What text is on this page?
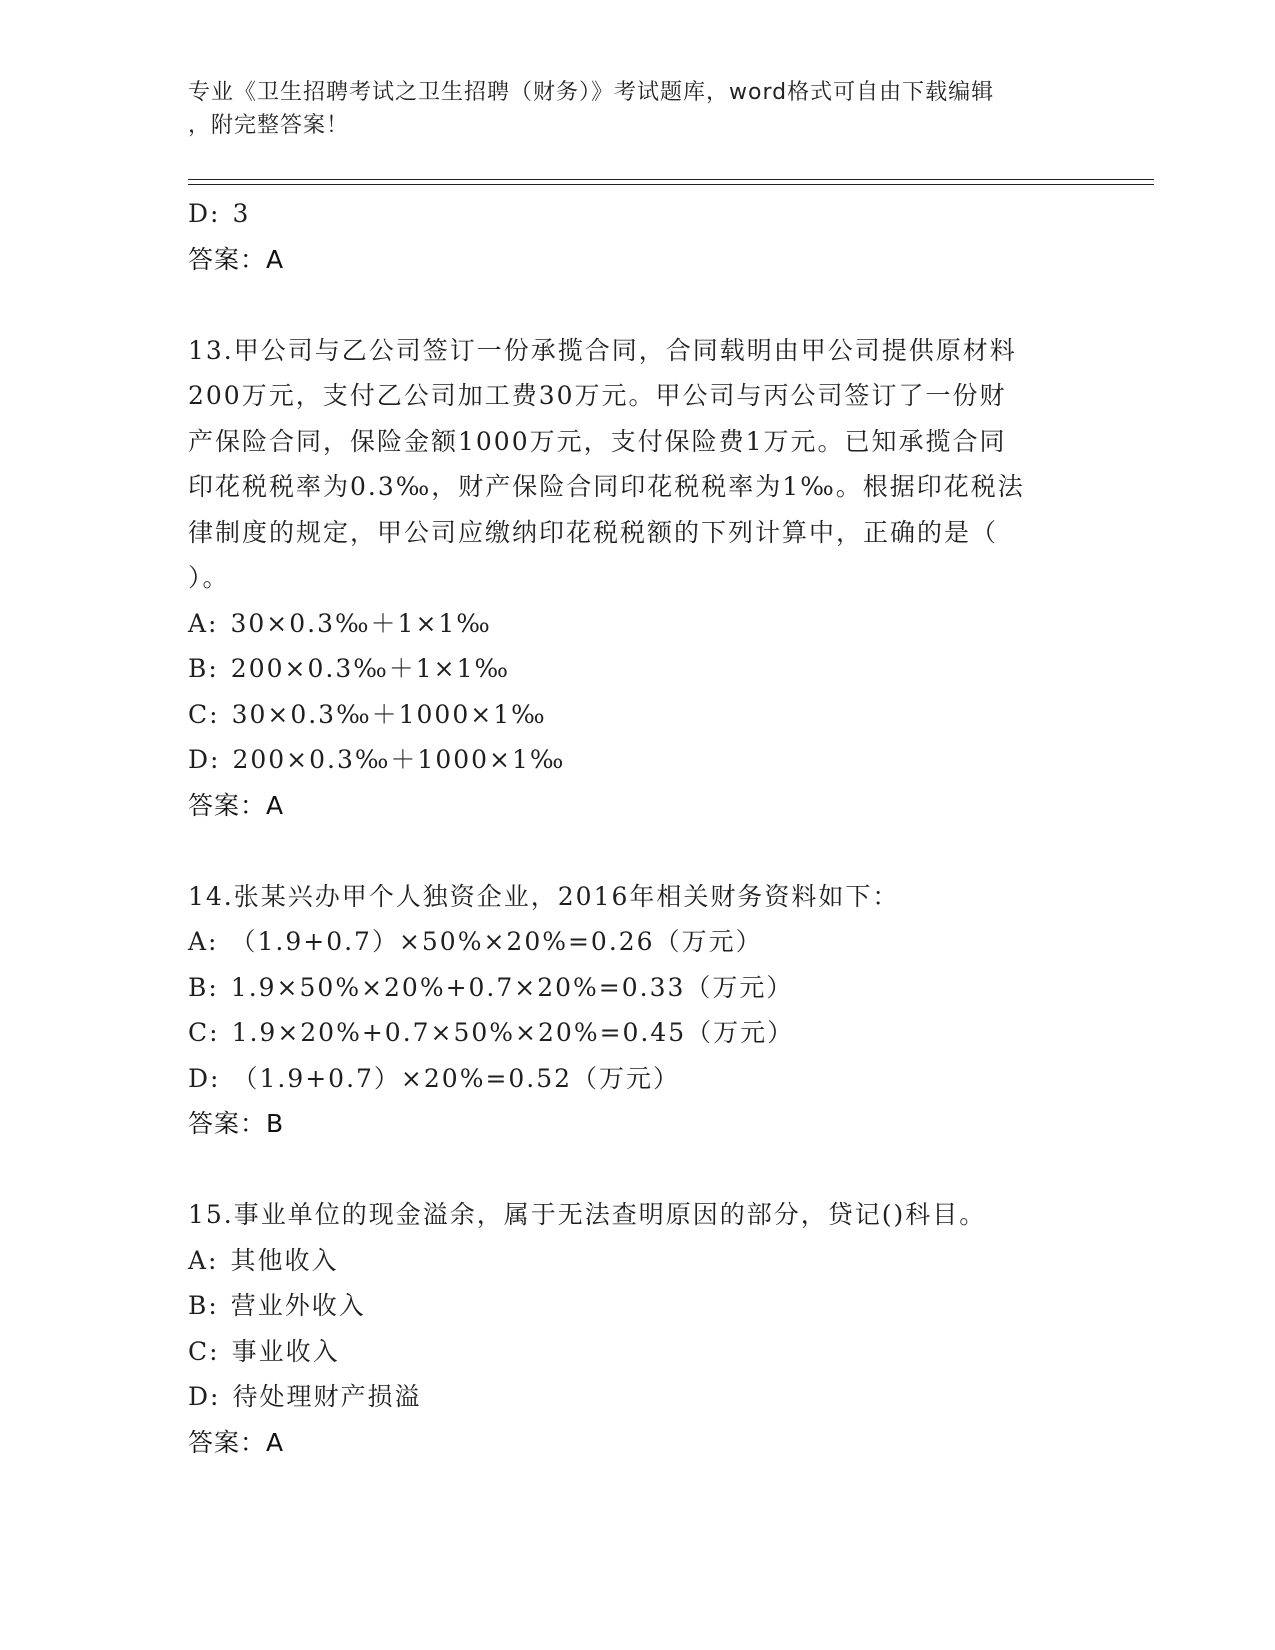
专业《卫生招聘考试之卫生招聘（财务）》考试题库，word格式可自由下载编辑
，附完整答案！
D: 3
答案：A
13.甲公司与乙公司签订一份承揽合同，合同载明由甲公司提供原材料
200万元，支付乙公司加工费30万元。甲公司与丙公司签订了一份财
产保险合同，保险金额1000万元，支付保险费1万元。已知承揽合同
印花税税率为0.3‰，财产保险合同印花税税率为1‰。根据印花税法
律制度的规定，甲公司应缴纳印花税税额的下列计算中，正确的是（
）。
A: 30×0.3‰＋1×1‰
B: 200×0.3‰＋1×1‰
C: 30×0.3‰＋1000×1‰
D: 200×0.3‰＋1000×1‰
答案：A
14.张某兴办甲个人独资企业，2016年相关财务资料如下：
A: （1.9+0.7）×50%×20%=0.26（万元）
B: 1.9×50%×20%+0.7×20%=0.33（万元）
C: 1.9×20%+0.7×50%×20%=0.45（万元）
D: （1.9+0.7）×20%=0.52（万元）
答案：B
15.事业单位的现金溢余，属于无法查明原因的部分，贷记()科目。
A: 其他收入
B: 营业外收入
C: 事业收入
D: 待处理财产损溢
答案：A
